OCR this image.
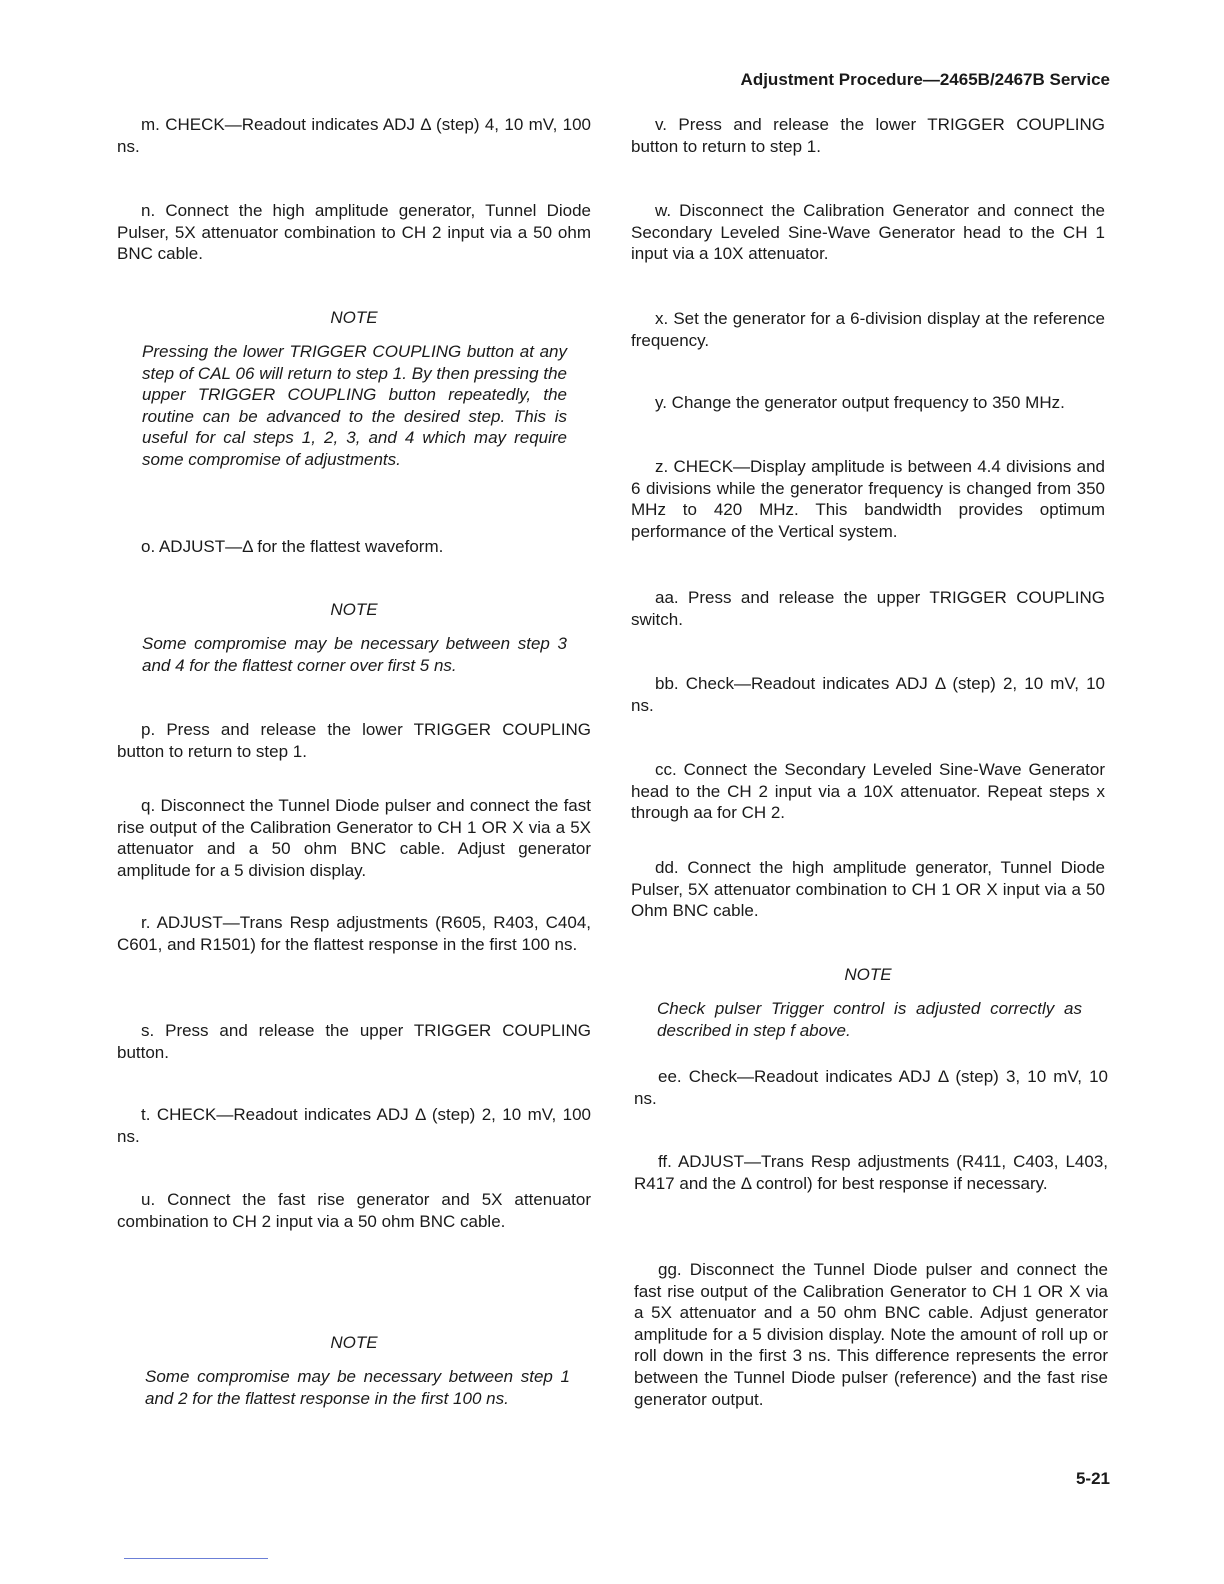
Adjustment Procedure—2465B/2467B Service

m. CHECK—Readout indicates ADJ Δ (step) 4, 10 mV, 100 ns.

n. Connect the high amplitude generator, Tunnel Diode Pulser, 5X attenuator combination to CH 2 input via a 50 ohm BNC cable.

NOTE
Pressing the lower TRIGGER COUPLING button at any step of CAL 06 will return to step 1. By then pressing the upper TRIGGER COUPLING button repeatedly, the routine can be advanced to the desired step. This is useful for cal steps 1, 2, 3, and 4 which may require some compromise of adjustments.

o. ADJUST—Δ for the flattest waveform.

NOTE
Some compromise may be necessary between step 3 and 4 for the flattest corner over first 5 ns.

p. Press and release the lower TRIGGER COUPLING button to return to step 1.

q. Disconnect the Tunnel Diode pulser and connect the fast rise output of the Calibration Generator to CH 1 OR X via a 5X attenuator and a 50 ohm BNC cable. Adjust generator amplitude for a 5 division display.

r. ADJUST—Trans Resp adjustments (R605, R403, C404, C601, and R1501) for the flattest response in the first 100 ns.

s. Press and release the upper TRIGGER COUPLING button.

t. CHECK—Readout indicates ADJ Δ (step) 2, 10 mV, 100 ns.

u. Connect the fast rise generator and 5X attenuator combination to CH 2 input via a 50 ohm BNC cable.

NOTE
Some compromise may be necessary between step 1 and 2 for the flattest response in the first 100 ns.

v. Press and release the lower TRIGGER COUPLING button to return to step 1.

w. Disconnect the Calibration Generator and connect the Secondary Leveled Sine-Wave Generator head to the CH 1 input via a 10X attenuator.

x. Set the generator for a 6-division display at the reference frequency.

y. Change the generator output frequency to 350 MHz.

z. CHECK—Display amplitude is between 4.4 divisions and 6 divisions while the generator frequency is changed from 350 MHz to 420 MHz. This bandwidth provides optimum performance of the Vertical system.

aa. Press and release the upper TRIGGER COUPLING switch.

bb. Check—Readout indicates ADJ Δ (step) 2, 10 mV, 10 ns.

cc. Connect the Secondary Leveled Sine-Wave Generator head to the CH 2 input via a 10X attenuator. Repeat steps x through aa for CH 2.

dd. Connect the high amplitude generator, Tunnel Diode Pulser, 5X attenuator combination to CH 1 OR X input via a 50 Ohm BNC cable.

NOTE
Check pulser Trigger control is adjusted correctly as described in step f above.

ee. Check—Readout indicates ADJ Δ (step) 3, 10 mV, 10 ns.

ff. ADJUST—Trans Resp adjustments (R411, C403, L403, R417 and the Δ control) for best response if necessary.

gg. Disconnect the Tunnel Diode pulser and connect the fast rise output of the Calibration Generator to CH 1 OR X via a 5X attenuator and a 50 ohm BNC cable. Adjust generator amplitude for a 5 division display. Note the amount of roll up or roll down in the first 3 ns. This difference represents the error between the Tunnel Diode pulser (reference) and the fast rise generator output.

5-21
